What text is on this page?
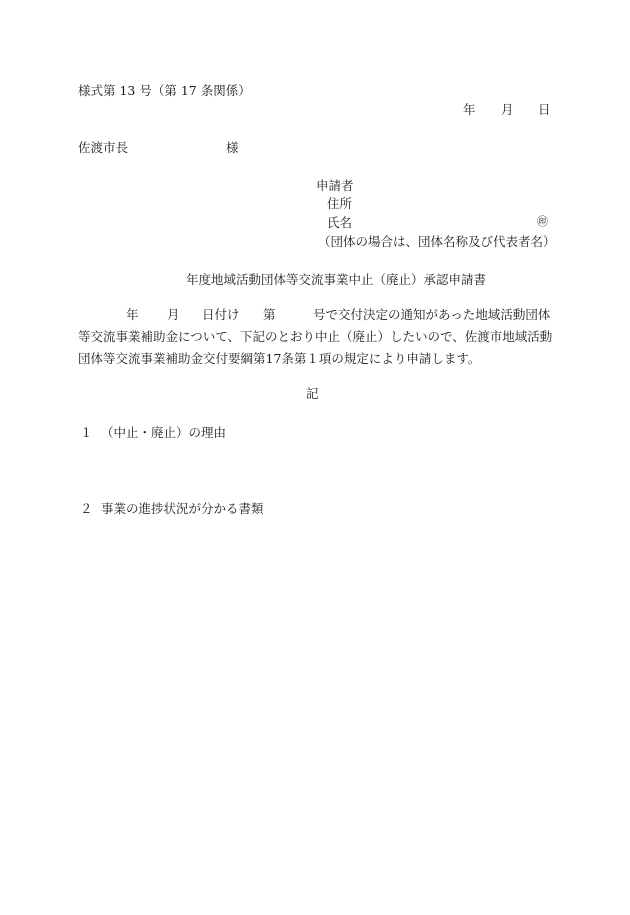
様式第 13 号（第 17 条関係）
年 月 日
佐渡市長	様
申請者
住所
氏名	㊞
（団体の場合は、団体名称及び代表者名）
年度地域活動団体等交流事業中止（廃止）承認申請書
年 月 日付け 第	号で交付決定の通知があった地域活動団体
等交流事業補助金について、下記のとおり中止（廃止）したいので、佐渡市地域活動
団体等交流事業補助金交付要綱第17条第１項の規定により申請します。
記
１ （中止・廃止）の理由
２ 事業の進捗状況が分かる書類
